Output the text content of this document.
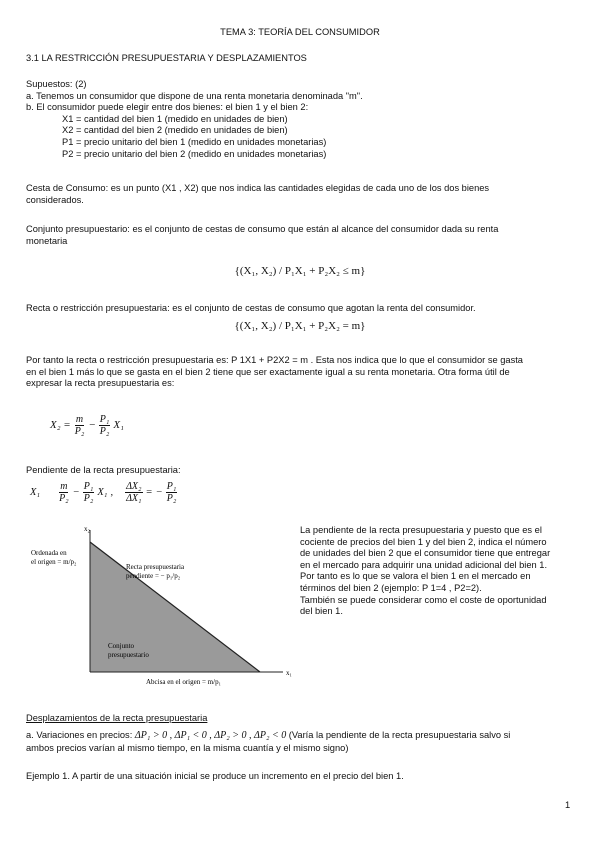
TEMA 3: TEORÍA DEL CONSUMIDOR
3.1 LA RESTRICCIÓN PRESUPUESTARIA Y DESPLAZAMIENTOS

Supuestos: (2)

a. Tenemos un consumidor que dispone de una renta monetaria denominada "m".

b. El consumidor puede elegir entre dos bienes: el bien 1 y el bien 2:

X1 = cantidad del bien 1 (medido en unidades de bien)

X2 = cantidad del bien 2 (medido en unidades de bien)

P1 = precio unitario del bien 1 (medido en unidades monetarias)

P2 = precio unitario del bien 2 (medido en unidades monetarias)

Cesta de Consumo: es un punto (X1 , X2) que nos indica las cantidades elegidas de cada uno de los dos bienes

considerados.

Conjunto presupuestario: es el conjunto de cestas de consumo que están al alcance del consumidor dada su renta

monetaria

{(X₁, X₂) / P₁X₁ + P₂X₂ ≤ m}
Recta o restricción presupuestaria: es el conjunto de cestas de consumo que agotan la renta del consumidor.
{(X₁, X₂) / P₁X₁ + P₂X₂ = m}

Por tanto la recta o restricción presupuestaria es: P 1X1 + P2X2 = m . Esta nos indica que lo que el consumidor se gasta

en el bien 1 más lo que se gasta en el bien 2 tiene que ser exactamente igual a su renta monetaria. Otra forma útil de

expresar la recta presupuestaria es:

$X_2 = \frac{m}{\text{P₂}} - \frac{\text{P₁}}{\text{P₂}} X_1$
Pendiente de la recta presupuestaria:
$X_1 \frac{m}{\text{P₂}} - \frac{\text{P₁}}{\text{P₂}} X_1$ , $\frac{\text{ΔX₂}}{\text{ΔX₁}}$ = − $\frac{\text{P₁}}{\text{P₂}}$
x₂
x₁
Ordenada en
el origen = m/p₂
Recta presupuestaria
pendiente = − p₁/p₂
Conjunto
presupuestario
Abcisa en el origen = m/p₁

La pendiente de la recta presupuestaria y puesto que es el

cociente de precios del bien 1 y del bien 2, indica el número

de unidades del bien 2 que el consumidor tiene que entregar

en el mercado para adquirir una unidad adicional del bien 1.

Por tanto es lo que se valora el bien 1 en el mercado en

términos del bien 2 (ejemplo: P 1=4 , P2=2).

También se puede considerar como el coste de oportunidad

del bien 1.

Desplazamientos de la recta presupuestaria
a. Variaciones en precios: ΔP₁ > 0 , ΔP₁ < 0 , ΔP₂ > 0 , ΔP₂ < 0 (Varía la pendiente de la recta presupuestaria salvo si
ambos precios varían al mismo tiempo, en la misma cuantía y el mismo signo)
Ejemplo 1. A partir de una situación inicial se produce un incremento en el precio del bien 1.
1
